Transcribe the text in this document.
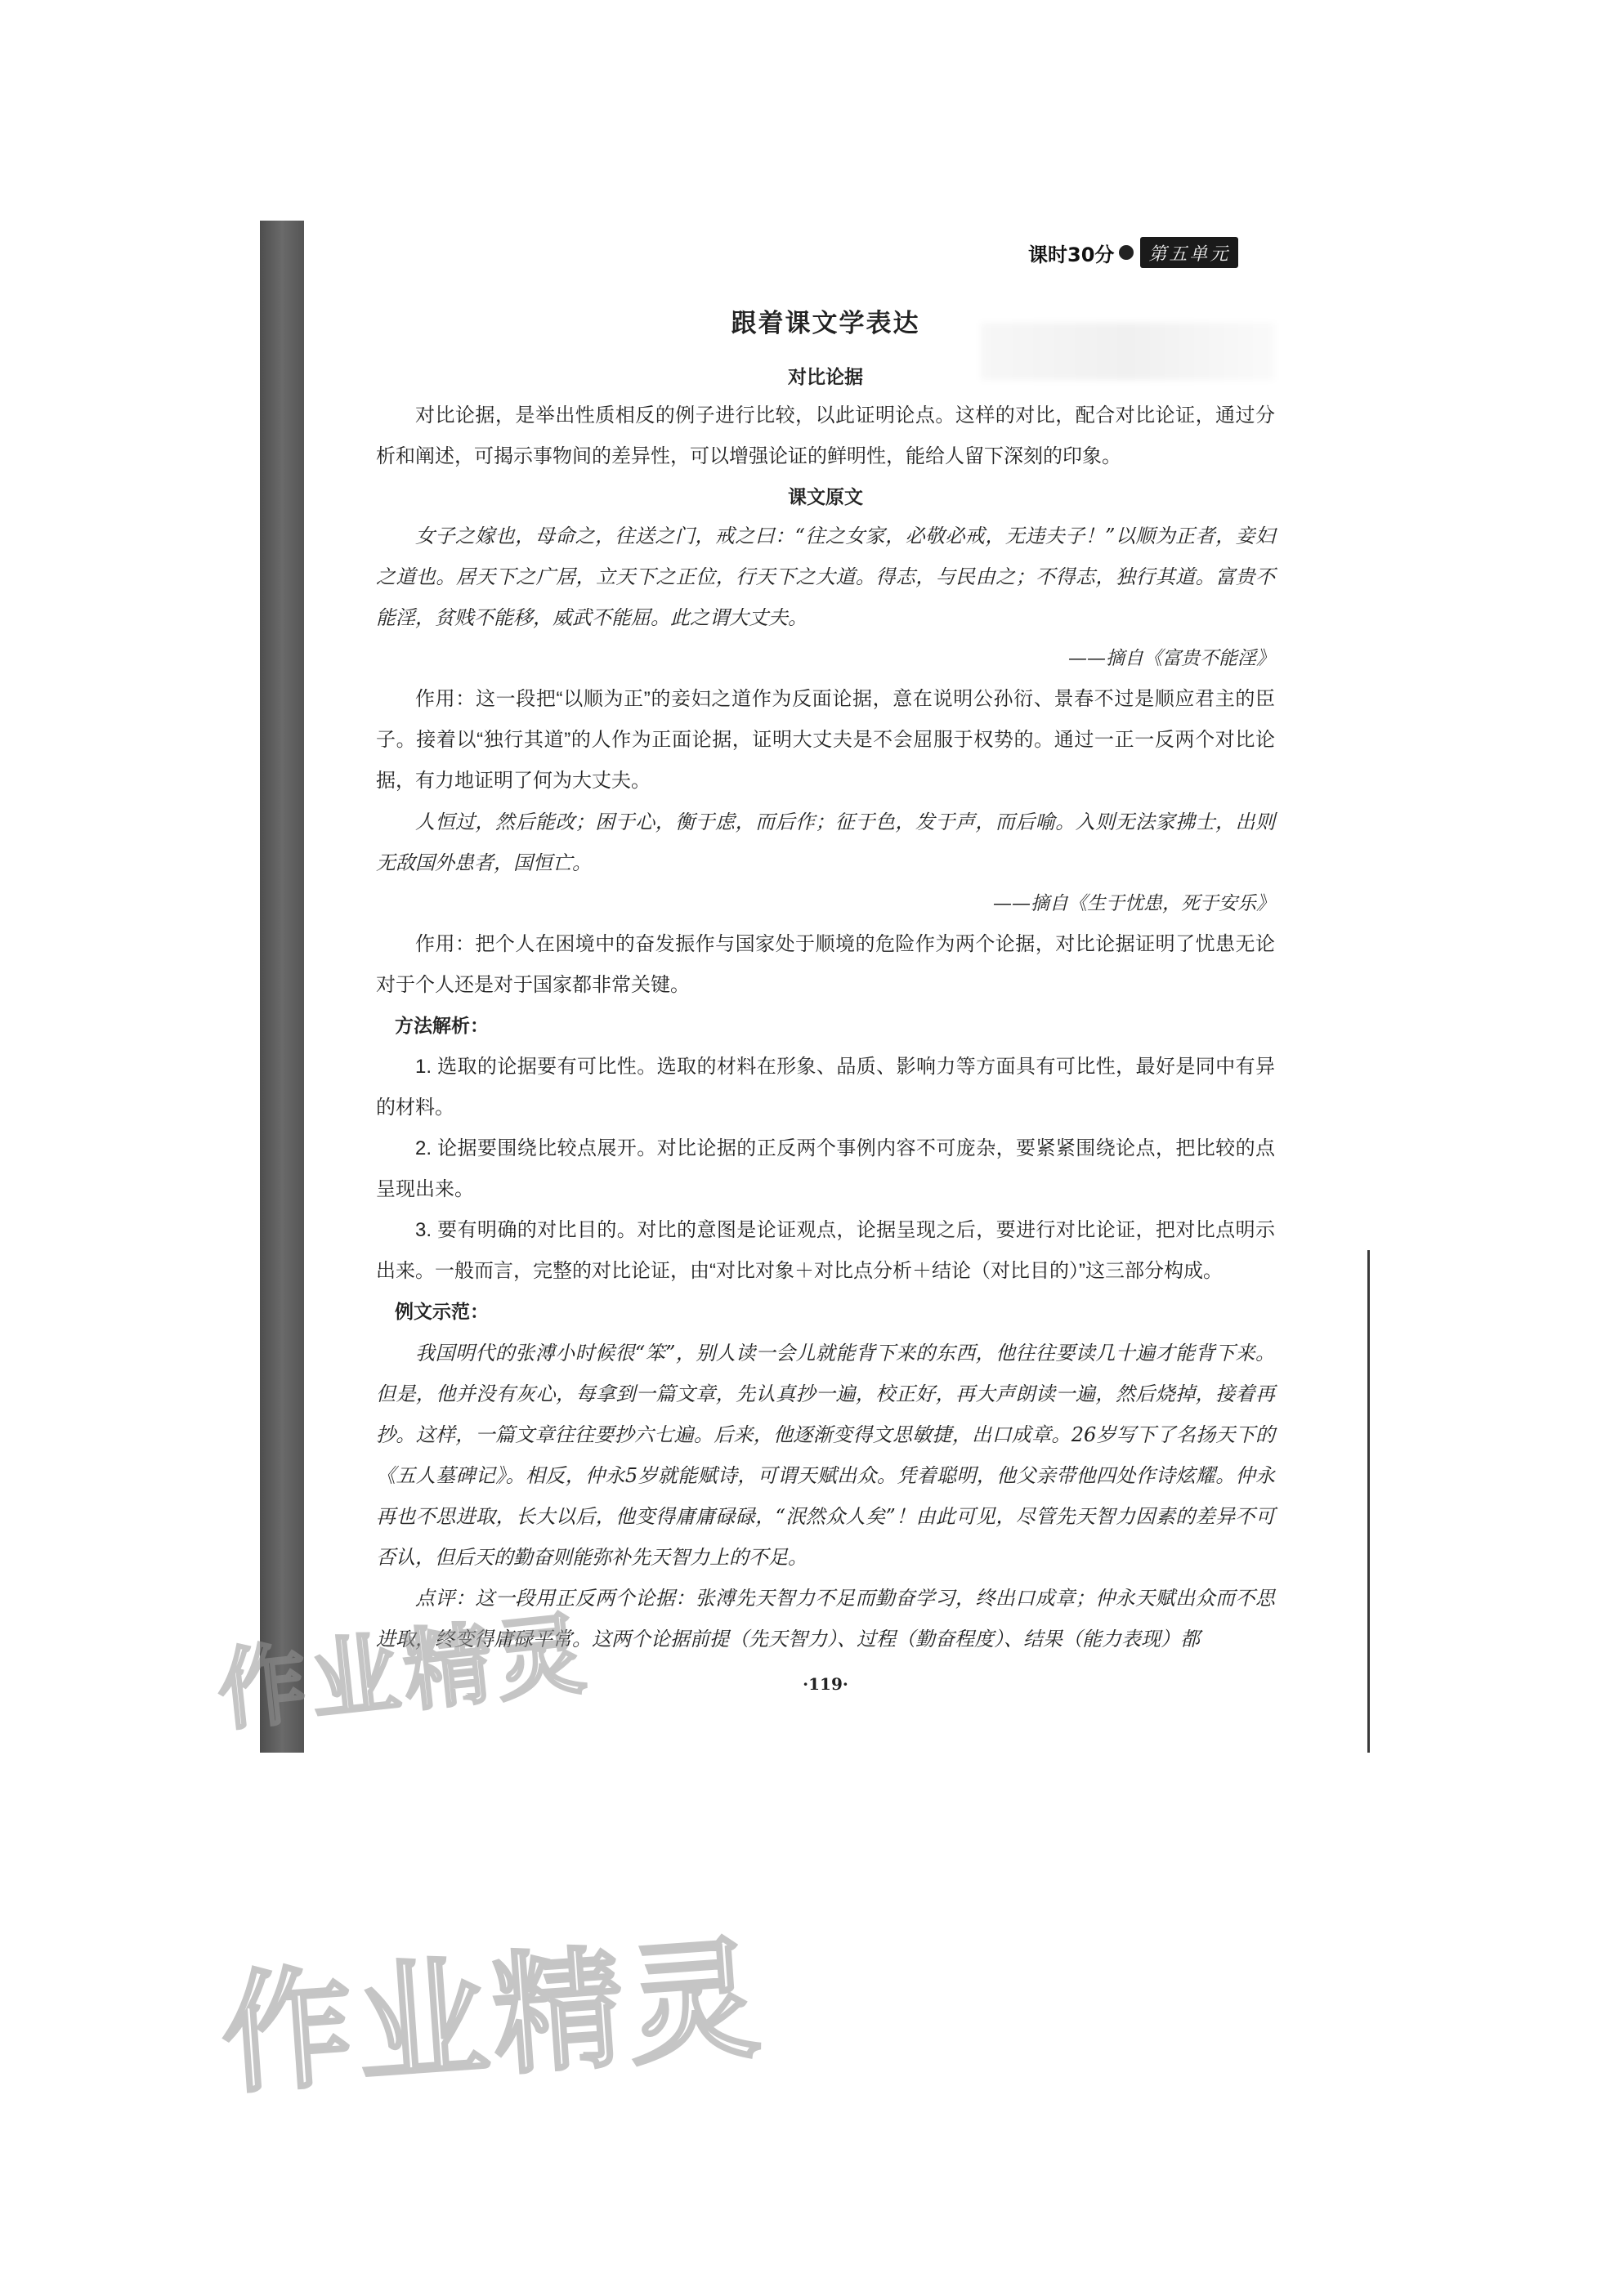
课时30分	第五单元
跟着课文学表达
对比论据

对比论据，是举出性质相反的例子进行比较，以此证明论点。这样的对比，配合对比论证，通过分析和阐述，可揭示事物间的差异性，可以增强论证的鲜明性，能给人留下深刻的印象。

课文原文

女子之嫁也，母命之，往送之门，戒之曰：“往之女家，必敬必戒，无违夫子！”以顺为正者，妾妇之道也。居天下之广居，立天下之正位，行天下之大道。得志，与民由之；不得志，独行其道。富贵不能淫，贫贱不能移，威武不能屈。此之谓大丈夫。

——摘自《富贵不能淫》

作用：这一段把“以顺为正”的妾妇之道作为反面论据，意在说明公孙衍、景春不过是顺应君主的臣子。接着以“独行其道”的人作为正面论据，证明大丈夫是不会屈服于权势的。通过一正一反两个对比论据，有力地证明了何为大丈夫。

人恒过，然后能改；困于心，衡于虑，而后作；征于色，发于声，而后喻。入则无法家拂士，出则无敌国外患者，国恒亡。

——摘自《生于忧患，死于安乐》

作用：把个人在困境中的奋发振作与国家处于顺境的危险作为两个论据，对比论据证明了忧患无论对于个人还是对于国家都非常关键。

方法解析：

1. 选取的论据要有可比性。选取的材料在形象、品质、影响力等方面具有可比性，最好是同中有异的材料。

2. 论据要围绕比较点展开。对比论据的正反两个事例内容不可庞杂，要紧紧围绕论点，把比较的点呈现出来。

3. 要有明确的对比目的。对比的意图是论证观点，论据呈现之后，要进行对比论证，把对比点明示出来。一般而言，完整的对比论证，由“对比对象＋对比点分析＋结论（对比目的）”这三部分构成。

例文示范：

我国明代的张溥小时候很“笨”，别人读一会儿就能背下来的东西，他往往要读几十遍才能背下来。但是，他并没有灰心，每拿到一篇文章，先认真抄一遍，校正好，再大声朗读一遍，然后烧掉，接着再抄。这样，一篇文章往往要抄六七遍。后来，他逐渐变得文思敏捷，出口成章。26岁写下了名扬天下的《五人墓碑记》。相反，仲永5岁就能赋诗，可谓天赋出众。凭着聪明，他父亲带他四处作诗炫耀。仲永再也不思进取，长大以后，他变得庸庸碌碌，“泯然众人矣”！由此可见，尽管先天智力因素的差异不可否认，但后天的勤奋则能弥补先天智力上的不足。

点评：这一段用正反两个论据：张溥先天智力不足而勤奋学习，终出口成章；仲永天赋出众而不思进取，终变得庸碌平常。这两个论据前提（先天智力）、过程（勤奋程度）、结果（能力表现）都

·119·
作业精灵
作业精灵
